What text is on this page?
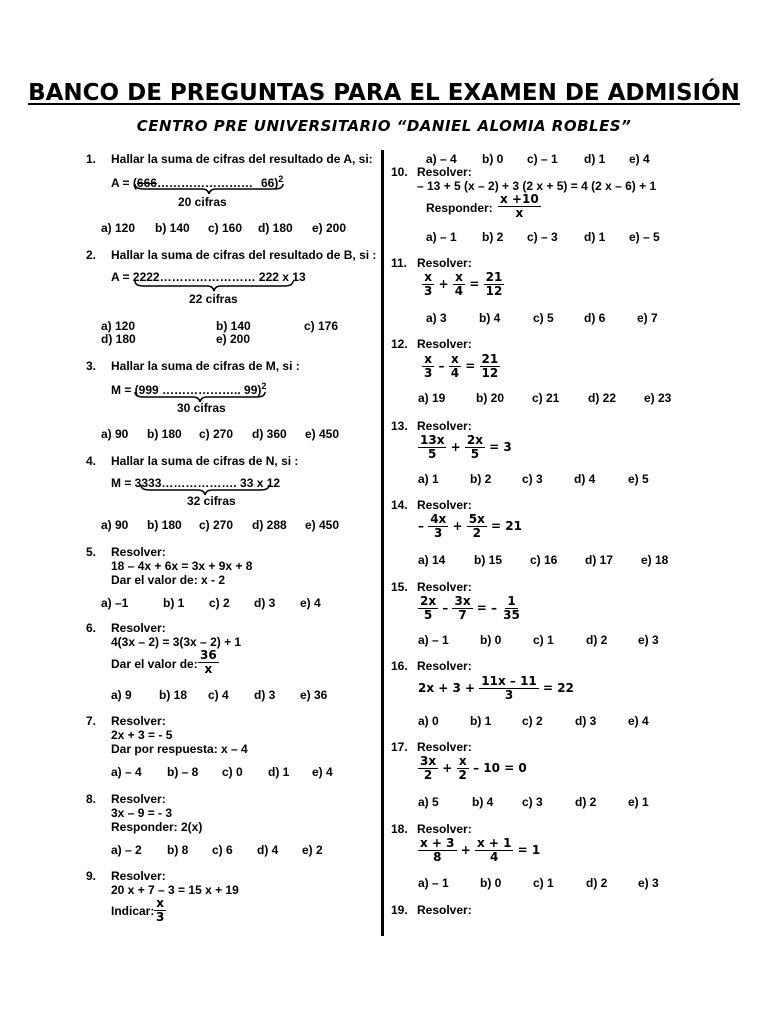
BANCO DE PREGUNTAS PARA EL EXAMEN DE ADMISIÓN
CENTRO PRE UNIVERSITARIO “DANIEL ALOMIA ROBLES”
1. Hallar la suma de cifras del resultado de A, si:
A = (666…………………… 66)$^2$
20 cifras
a) 120 b) 140 c) 160 d) 180 e) 200
2. Hallar la suma de cifras del resultado de B, si :
A = 2222…………………… 222 x 13
22 cifras
a) 120	b) 140	c) 176
d) 180	e) 200
3. Hallar la suma de cifras de M, si :
M = (999 ……………….. 99)$^2$
30 cifras
a) 90 b) 180 c) 270 d) 360 e) 450
4. Hallar la suma de cifras de N, si :
M = 3333………………. 33 x 12
32 cifras
a) 90 b) 180 c) 270 d) 288 e) 450
5. Resolver:
18 – 4x + 6x = 3x + 9x + 8
Dar el valor de: x - 2
a) –1	b) 1 c) 2 d) 3 e) 4
6. Resolver:
4(3x – 2) = 3(3x – 2) + 1
Dar el valor de: $\frac{36}{x}$
a) 9 b) 18 c) 4 d) 3 e) 36
7. Resolver:
2x + 3 = - 5
Dar por respuesta: x – 4
a) – 4 b) – 8 c) 0 d) 1 e) 4
8. Resolver:
3x – 9 = - 3
Responder: 2(x)
a) – 2 b) 8 c) 6 d) 4 e) 2
9. Resolver:
20 x + 7 – 3 = 15 x + 19
Indicar: $\frac{x}{3}$
a) – 4 b) 0 c) – 1 d) 1 e) 4
10. Resolver:
– 13 + 5 (x – 2) + 3 (2 x + 5) = 4 (2 x – 6) + 1
Responder: $\frac{x +10}{x}$
a) – 1 b) 2 c) – 3 d) 1 e) – 5
11. Resolver:
$\frac{x}{3} + \frac{x}{4} = \frac{21}{12}$
a) 3	b) 4	c) 5	d) 6	e) 7
12. Resolver:
$\frac{x}{3} - \frac{x}{4} = \frac{21}{12}$
a) 19	b) 20 c) 21 d) 22 e) 23
13. Resolver:
$\frac{13x}{5} + \frac{2x}{5} = 3$
a) 1	b) 2	c) 3	d) 4	e) 5
14. Resolver:
– $\frac{4x}{3} + \frac{5x}{2} = 21$
a) 14 b) 15 c) 16 d) 17 e) 18
15. Resolver:
$\frac{2x}{5} - \frac{3x}{7}$ = – $\frac{1}{35}$
a) – 1	b) 0	c) 1	d) 2	e) 3
16. Resolver:
$2x + 3 + \frac{11x - 11}{3} = 22$
a) 0	b) 1	c) 2	d) 3	e) 4
17. Resolver:
$\frac{3x}{2} + \frac{x}{2} - 10 = 0$
a) 5	b) 4 c) 3	d) 2	e) 1
18. Resolver:
$\frac{x + 3}{8} + \frac{x + 1}{4} = 1$
a) – 1	b) 0	c) 1	d) 2	e) 3
19. Resolver:
